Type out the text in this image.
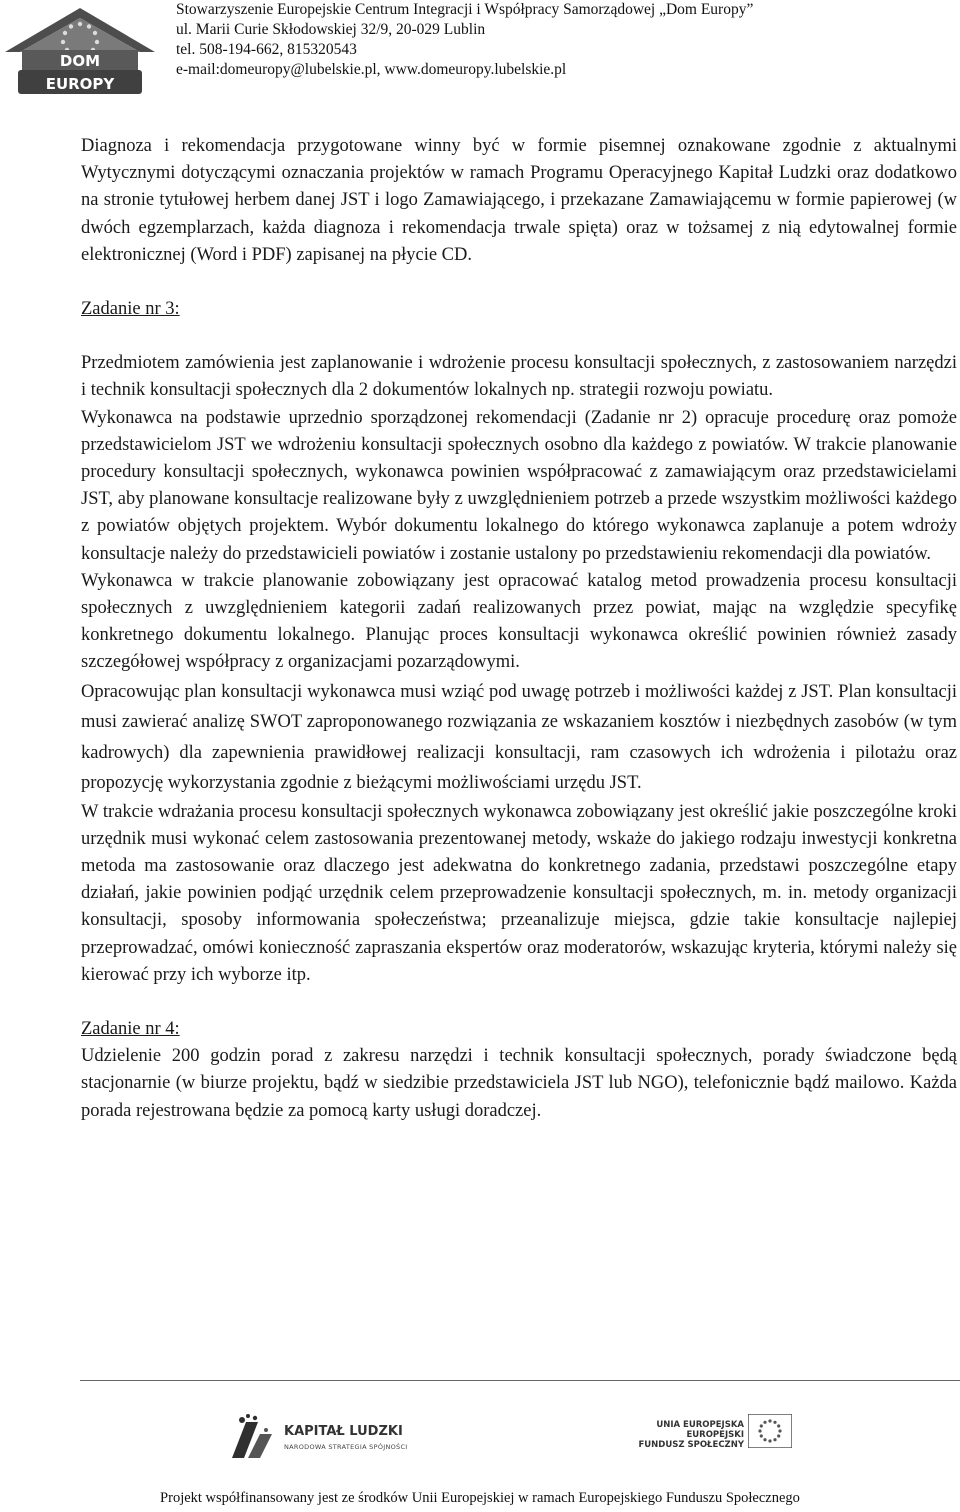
DOM
EUROPY
Stowarzyszenie Europejskie Centrum Integracji i Współpracy Samorządowej „Dom Europy”
ul. Marii Curie Skłodowskiej 32/9, 20-029 Lublin
tel. 508-194-662, 815320543
e-mail:domeuropy@lubelskie.pl, www.domeuropy.lubelskie.pl

Diagnoza i rekomendacja przygotowane winny być w formie pisemnej oznakowane zgodnie z aktualnymi Wytycznymi dotyczącymi oznaczania projektów w ramach Programu Operacyjnego Kapitał Ludzki oraz dodatkowo na stronie tytułowej herbem danej JST i logo Zamawiającego, i przekazane Zamawiającemu w formie papierowej (w dwóch egzemplarzach, każda diagnoza i rekomendacja trwale spięta) oraz w tożsamej z nią edytowalnej formie elektronicznej (Word i PDF) zapisanej na płycie CD.

Zadanie nr 3:

Przedmiotem zamówienia jest zaplanowanie i wdrożenie procesu konsultacji społecznych, z zastosowaniem narzędzi i technik konsultacji społecznych dla 2 dokumentów lokalnych np. strategii rozwoju powiatu.

Wykonawca na podstawie uprzednio sporządzonej rekomendacji (Zadanie nr 2) opracuje procedurę oraz pomoże przedstawicielom JST we wdrożeniu konsultacji społecznych osobno dla każdego z powiatów. W trakcie planowanie procedury konsultacji społecznych, wykonawca powinien współpracować z zamawiającym oraz przedstawicielami JST, aby planowane konsultacje realizowane były z uwzględnieniem potrzeb a przede wszystkim możliwości każdego z powiatów objętych projektem. Wybór dokumentu lokalnego do którego wykonawca zaplanuje a potem wdroży konsultacje należy do przedstawicieli powiatów i zostanie ustalony po przedstawieniu rekomendacji dla powiatów.

Wykonawca w trakcie planowanie zobowiązany jest opracować katalog metod prowadzenia procesu konsultacji społecznych z uwzględnieniem kategorii zadań realizowanych przez powiat, mając na względzie specyfikę konkretnego dokumentu lokalnego. Planując proces konsultacji wykonawca określić powinien również zasady szczegółowej współpracy z organizacjami pozarządowymi.

Opracowując plan konsultacji wykonawca musi wziąć pod uwagę potrzeb i możliwości każdej z JST. Plan konsultacji musi zawierać analizę SWOT zaproponowanego rozwiązania ze wskazaniem kosztów i niezbędnych zasobów (w tym kadrowych) dla zapewnienia prawidłowej realizacji konsultacji, ram czasowych ich wdrożenia i pilotażu oraz propozycję wykorzystania zgodnie z bieżącymi możliwościami urzędu JST.

W trakcie wdrażania procesu konsultacji społecznych wykonawca zobowiązany jest określić jakie poszczególne kroki urzędnik musi wykonać celem zastosowania prezentowanej metody, wskaże do jakiego rodzaju inwestycji konkretna metoda ma zastosowanie oraz dlaczego jest adekwatna do konkretnego zadania, przedstawi poszczególne etapy działań, jakie powinien podjąć urzędnik celem przeprowadzenie konsultacji społecznych, m. in. metody organizacji konsultacji, sposoby informowania społeczeństwa; przeanalizuje miejsca, gdzie takie konsultacje najlepiej przeprowadzać, omówi konieczność zapraszania ekspertów oraz moderatorów, wskazując kryteria, którymi należy się kierować przy ich wyborze itp.

Zadanie nr 4:

Udzielenie 200 godzin porad z zakresu narzędzi i technik konsultacji społecznych, porady świadczone będą stacjonarnie (w biurze projektu, bądź w siedzibie przedstawiciela JST lub NGO), telefonicznie bądź mailowo. Każda porada rejestrowana będzie za pomocą karty usługi doradczej.

KAPITAŁ LUDZKI
NARODOWA STRATEGIA SPÓJNOŚCI
UNIA EUROPEJSKA
EUROPEJSKI
FUNDUSZ SPOŁECZNY
Projekt współfinansowany jest ze środków Unii Europejskiej w ramach Europejskiego Funduszu Społecznego
